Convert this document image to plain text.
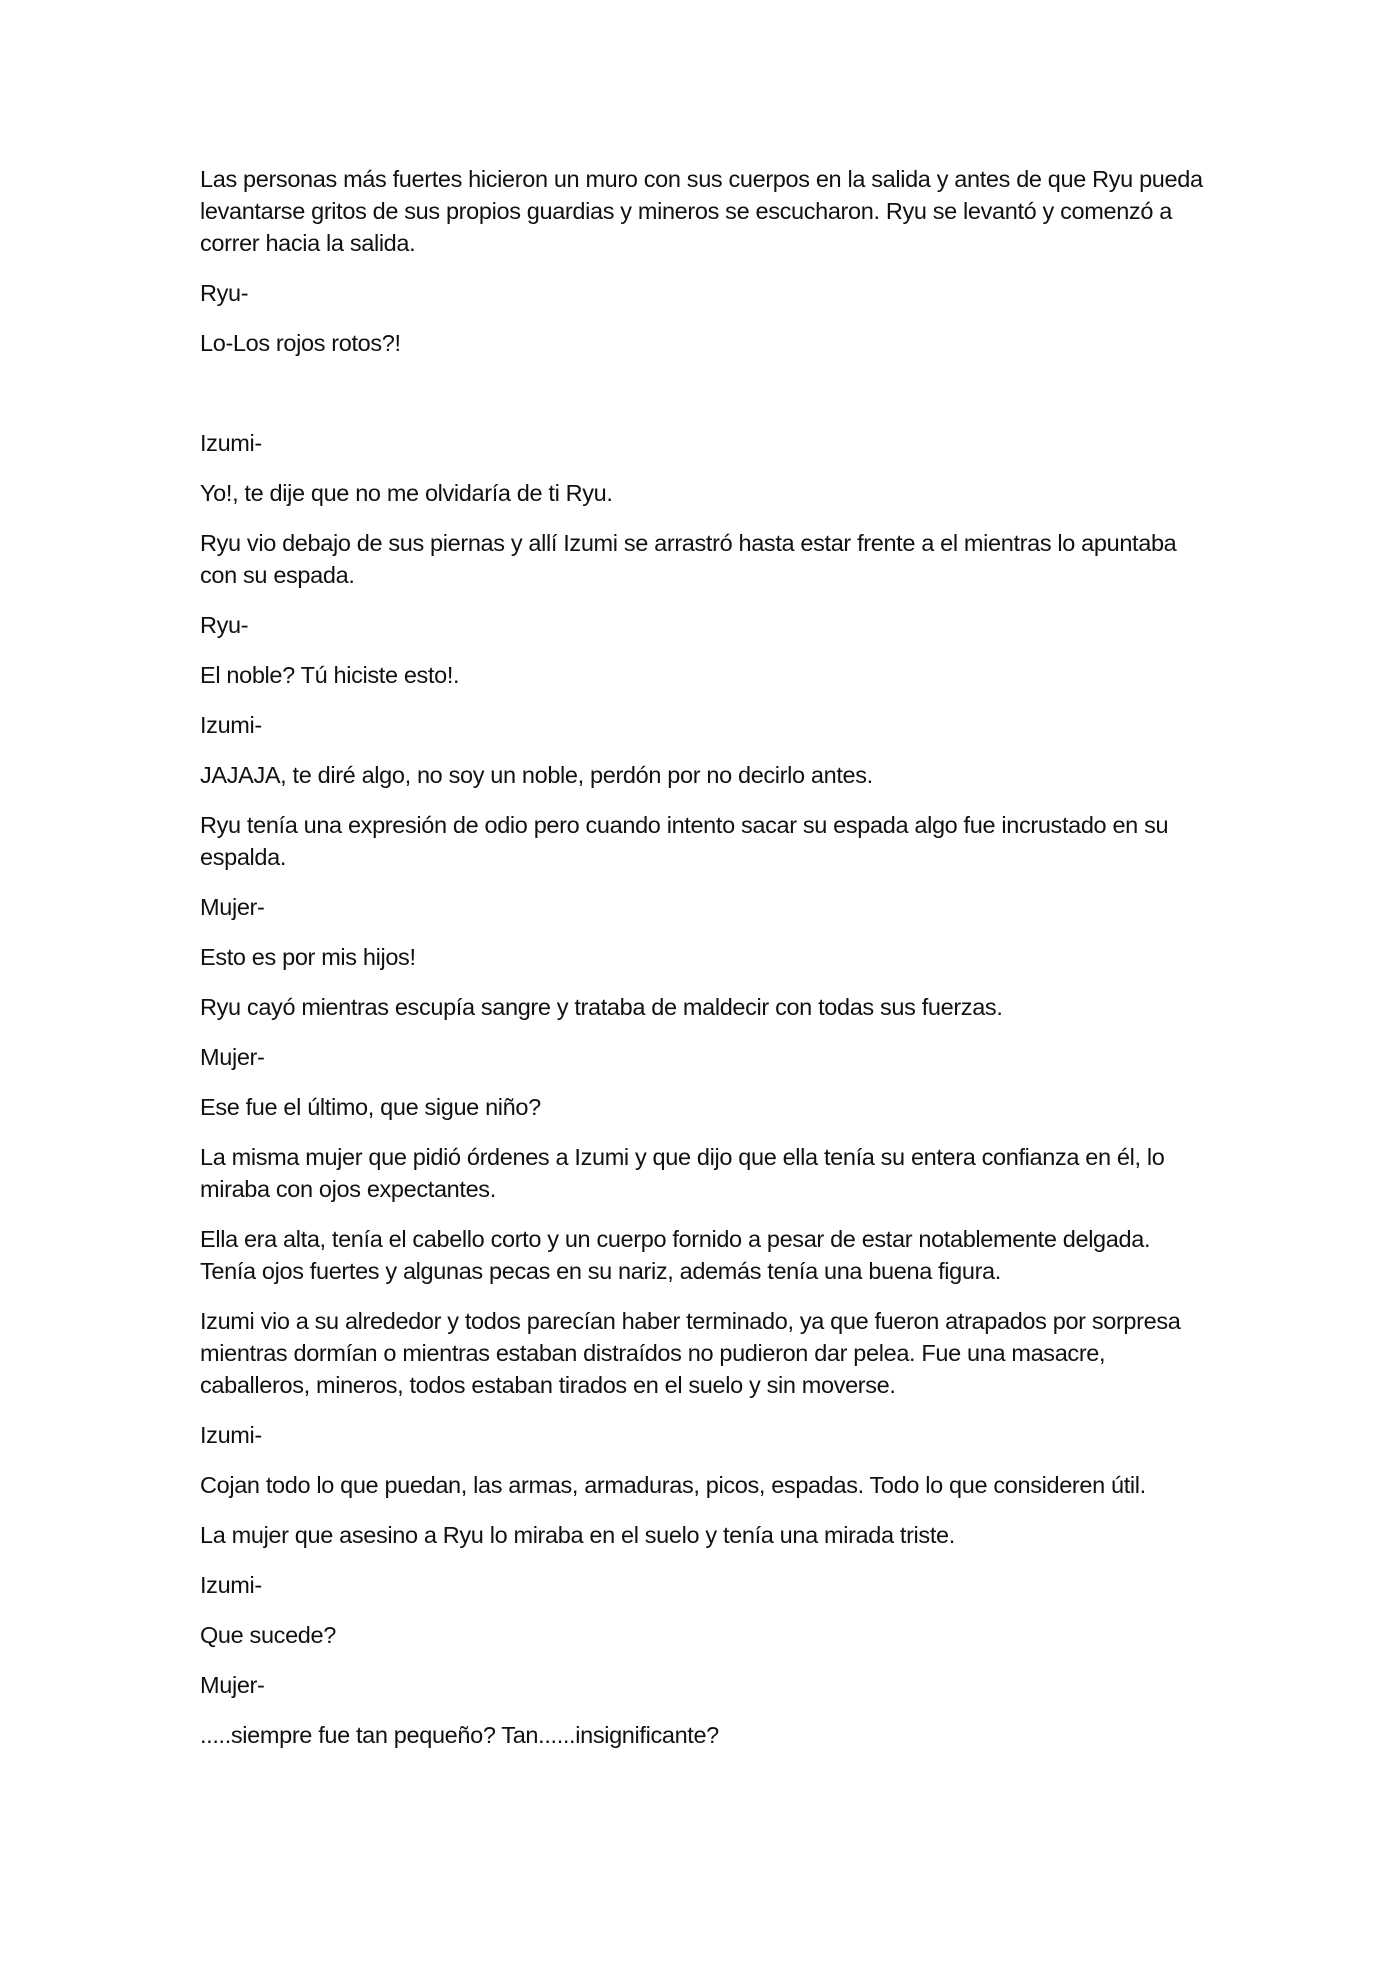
Las personas más fuertes hicieron un muro con sus cuerpos en la salida y antes de que Ryu pueda levantarse gritos de sus propios guardias y mineros se escucharon. Ryu se levantó y comenzó a correr hacia la salida.

Ryu-

Lo-Los rojos rotos?!

Izumi-

Yo!, te dije que no me olvidaría de ti Ryu.

Ryu vio debajo de sus piernas y allí Izumi se arrastró hasta estar frente a el mientras lo apuntaba con su espada.

Ryu-

El noble? Tú hiciste esto!.

Izumi-

JAJAJA, te diré algo, no soy un noble, perdón por no decirlo antes.

Ryu tenía una expresión de odio pero cuando intento sacar su espada algo fue incrustado en su espalda.

Mujer-

Esto es por mis hijos!

Ryu cayó mientras escupía sangre y trataba de maldecir con todas sus fuerzas.

Mujer-

Ese fue el último, que sigue niño?

La misma mujer que pidió órdenes a Izumi y que dijo que ella tenía su entera confianza en él, lo miraba con ojos expectantes.

Ella era alta, tenía el cabello corto y un cuerpo fornido a pesar de estar notablemente delgada. Tenía ojos fuertes y algunas pecas en su nariz, además tenía una buena figura.

Izumi vio a su alrededor y todos parecían haber terminado, ya que fueron atrapados por sorpresa mientras dormían o mientras estaban distraídos no pudieron dar pelea. Fue una masacre, caballeros, mineros, todos estaban tirados en el suelo y sin moverse.

Izumi-

Cojan todo lo que puedan, las armas, armaduras, picos, espadas. Todo lo que consideren útil.

La mujer que asesino a Ryu lo miraba en el suelo y tenía una mirada triste.

Izumi-

Que sucede?

Mujer-

.....siempre fue tan pequeño? Tan......insignificante?
